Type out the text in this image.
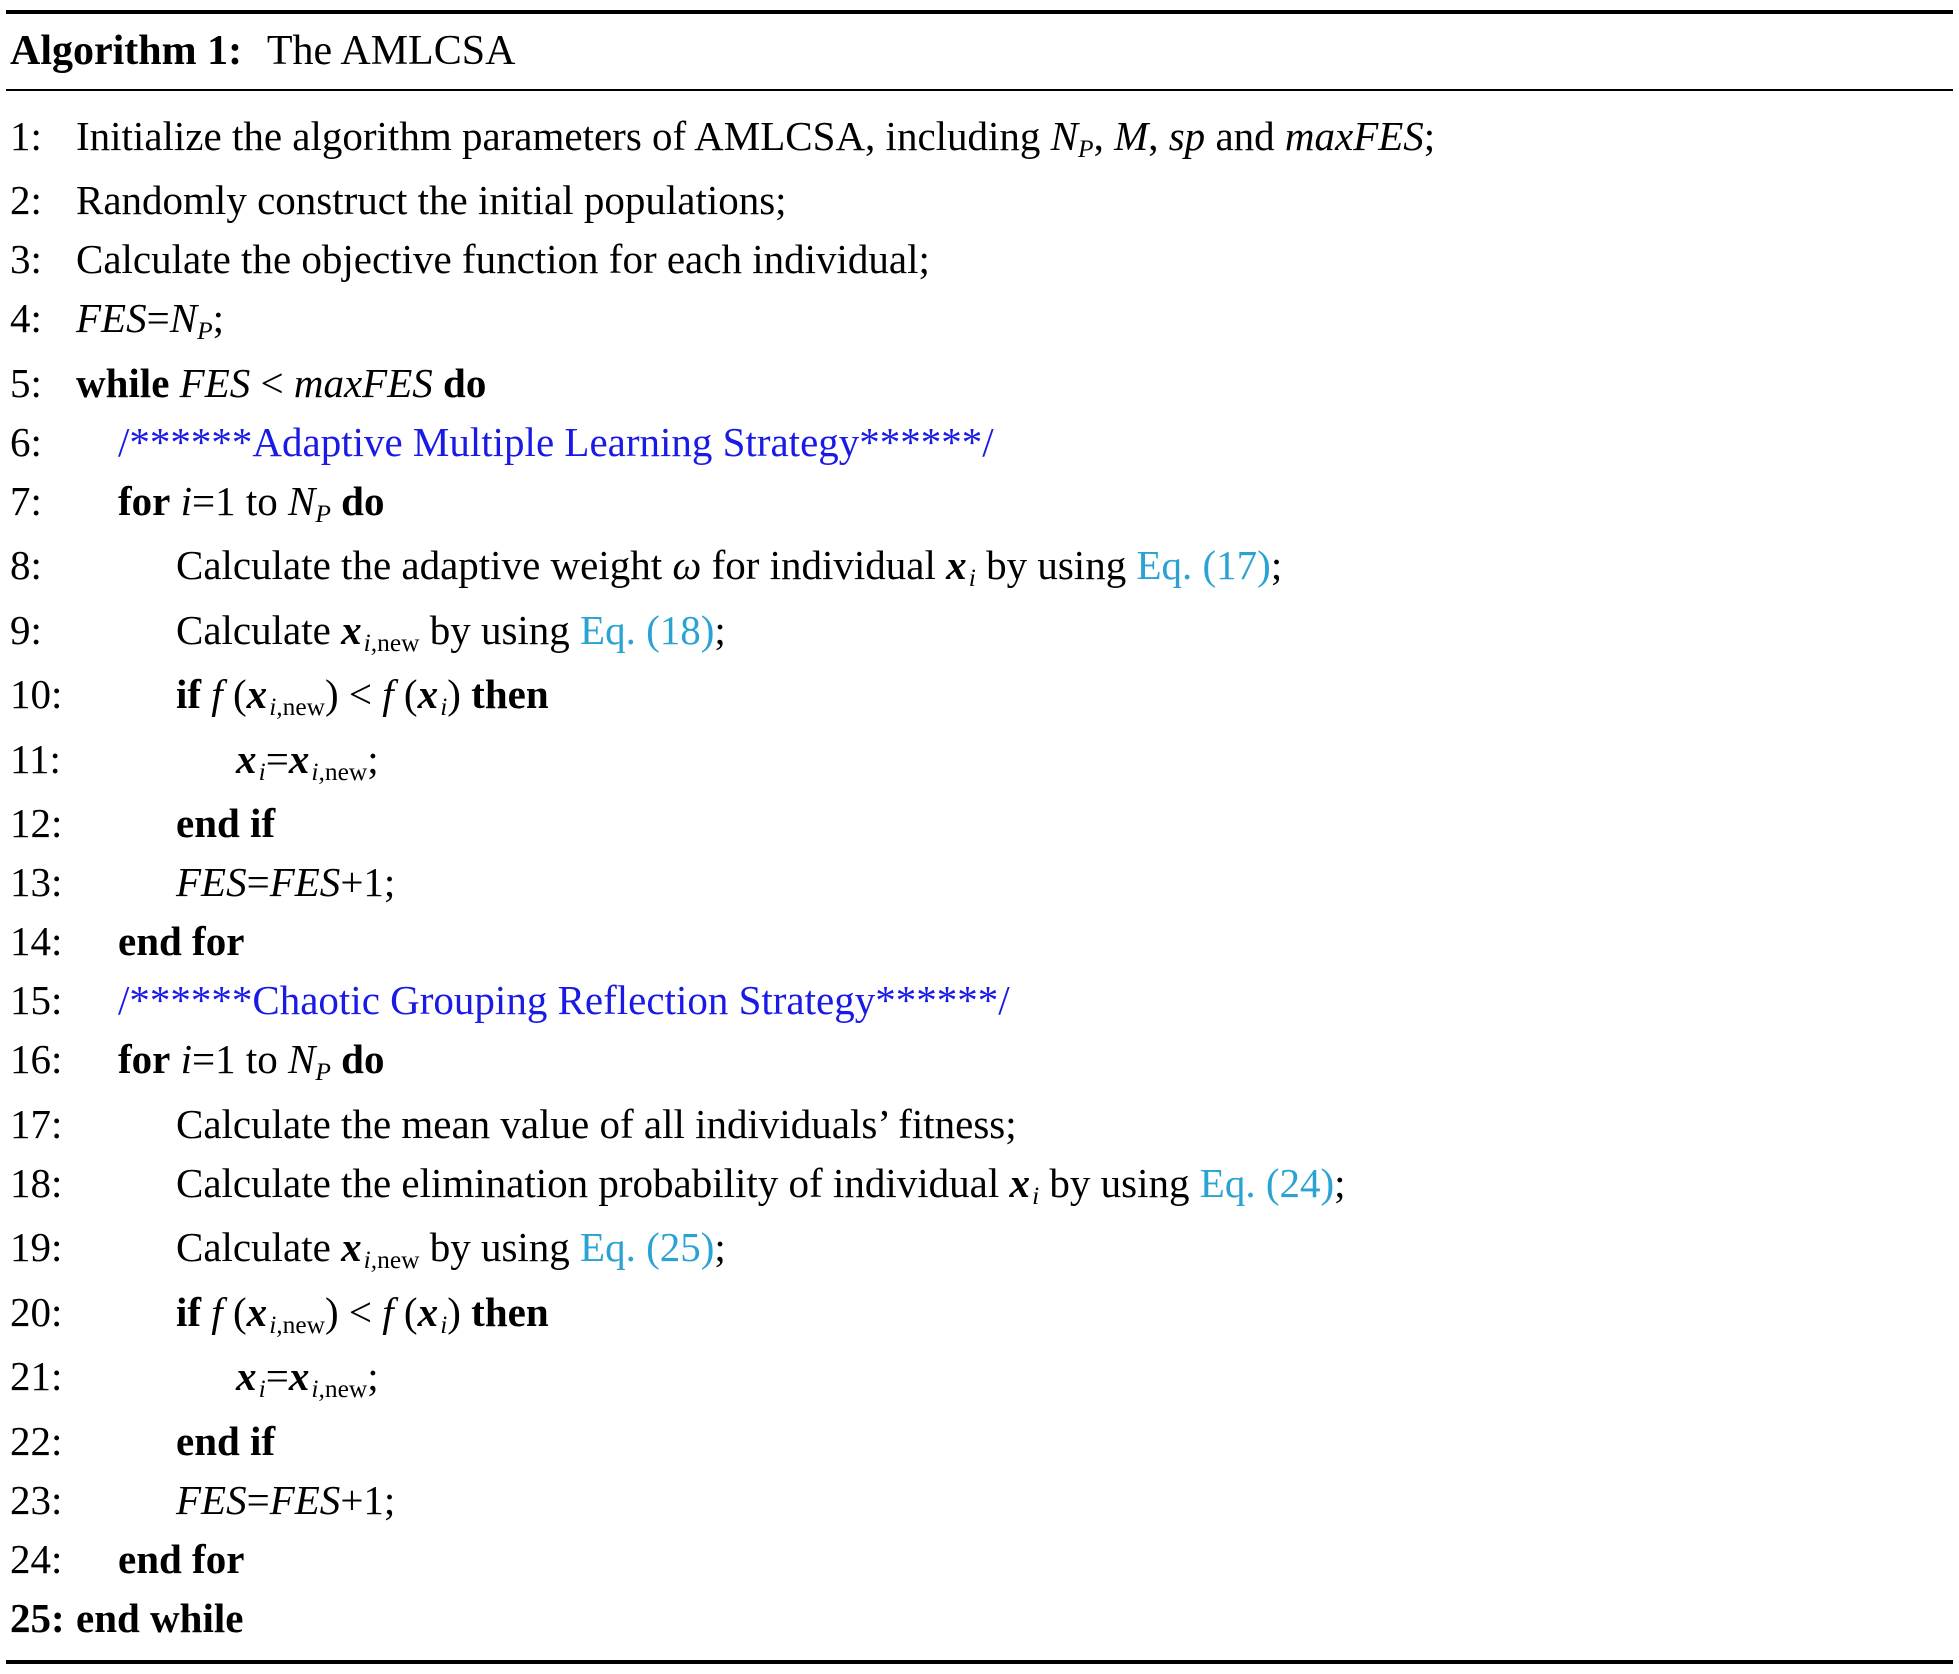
Algorithm 1: The AMLCSA
1: Initialize the algorithm parameters of AMLCSA, including $N_P$, M, sp and maxFES;
2: Randomly construct the initial populations;
3: Calculate the objective function for each individual;
4: $FES=N_P$;
5: while FES < maxFES do
6:	/******Adaptive Multiple Learning Strategy******/
7:	for i=1 to $N_P$ do
8:	Calculate the adaptive weight ω for individual x $_i$ by using Eq. (17);
9:	Calculate x $_{i,new}$ by using Eq. (18);
10:	if f (x $_{i,new}$) < f (x $_i$) then
11:	x $_i$=x $_{i,new}$;
12:	end if
13:	FES=FES+1;
14:	end for
15:	/******Chaotic Grouping Reflection Strategy******/
16:	for i=1 to $N_P$ do
17:	Calculate the mean value of all individuals’ fitness;
18:	Calculate the elimination probability of individual x $_i$ by using Eq. (24);
19:	Calculate x $_{i,new}$ by using Eq. (25);
20:	if f (x $_{i,new}$) < f (x $_i$) then
21:	x $_i$=x $_{i,new}$;
22:	end if
23:	FES=FES+1;
24:	end for
25: end while
